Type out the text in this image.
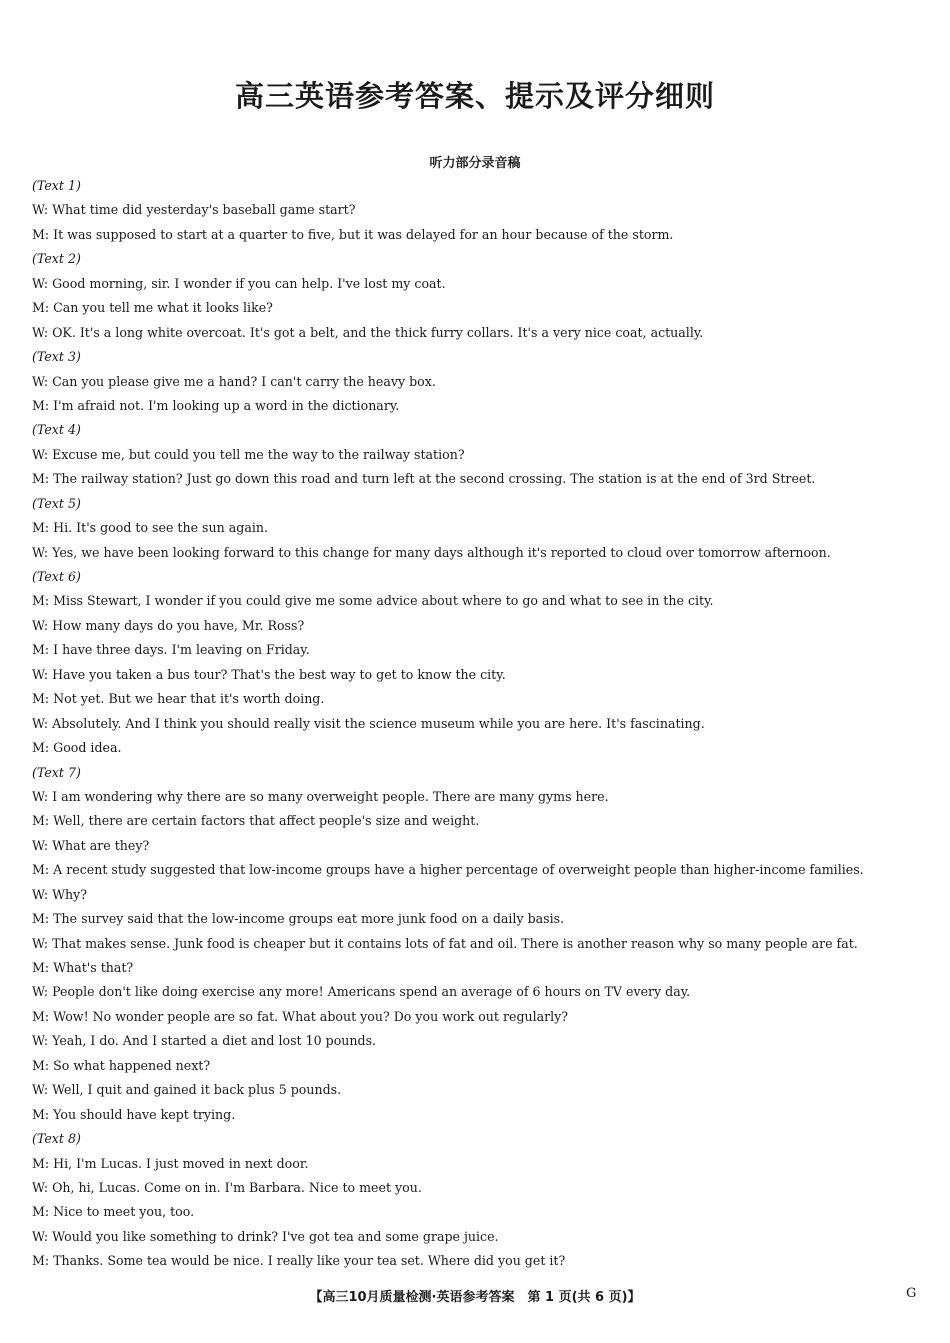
高三英语参考答案、提示及评分细则
听力部分录音稿
(Text 1)
W: What time did yesterday's baseball game start?
M: It was supposed to start at a quarter to five, but it was delayed for an hour because of the storm.
(Text 2)
W: Good morning, sir. I wonder if you can help. I've lost my coat.
M: Can you tell me what it looks like?
W: OK. It's a long white overcoat. It's got a belt, and the thick furry collars. It's a very nice coat, actually.
(Text 3)
W: Can you please give me a hand? I can't carry the heavy box.
M: I'm afraid not. I'm looking up a word in the dictionary.
(Text 4)
W: Excuse me, but could you tell me the way to the railway station?
M: The railway station? Just go down this road and turn left at the second crossing. The station is at the end of 3rd Street.
(Text 5)
M: Hi. It's good to see the sun again.
W: Yes, we have been looking forward to this change for many days although it's reported to cloud over tomorrow afternoon.
(Text 6)
M: Miss Stewart, I wonder if you could give me some advice about where to go and what to see in the city.
W: How many days do you have, Mr. Ross?
M: I have three days. I'm leaving on Friday.
W: Have you taken a bus tour? That's the best way to get to know the city.
M: Not yet. But we hear that it's worth doing.
W: Absolutely. And I think you should really visit the science museum while you are here. It's fascinating.
M: Good idea.
(Text 7)
W: I am wondering why there are so many overweight people. There are many gyms here.
M: Well, there are certain factors that affect people's size and weight.
W: What are they?
M: A recent study suggested that low-income groups have a higher percentage of overweight people than higher-income families.
W: Why?
M: The survey said that the low-income groups eat more junk food on a daily basis.
W: That makes sense. Junk food is cheaper but it contains lots of fat and oil. There is another reason why so many people are fat.
M: What's that?
W: People don't like doing exercise any more! Americans spend an average of 6 hours on TV every day.
M: Wow! No wonder people are so fat. What about you? Do you work out regularly?
W: Yeah, I do. And I started a diet and lost 10 pounds.
M: So what happened next?
W: Well, I quit and gained it back plus 5 pounds.
M: You should have kept trying.
(Text 8)
M: Hi, I'm Lucas. I just moved in next door.
W: Oh, hi, Lucas. Come on in. I'm Barbara. Nice to meet you.
M: Nice to meet you, too.
W: Would you like something to drink? I've got tea and some grape juice.
M: Thanks. Some tea would be nice. I really like your tea set. Where did you get it?
【高三10月质量检测·英语参考答案　第 1 页(共 6 页)】	G
